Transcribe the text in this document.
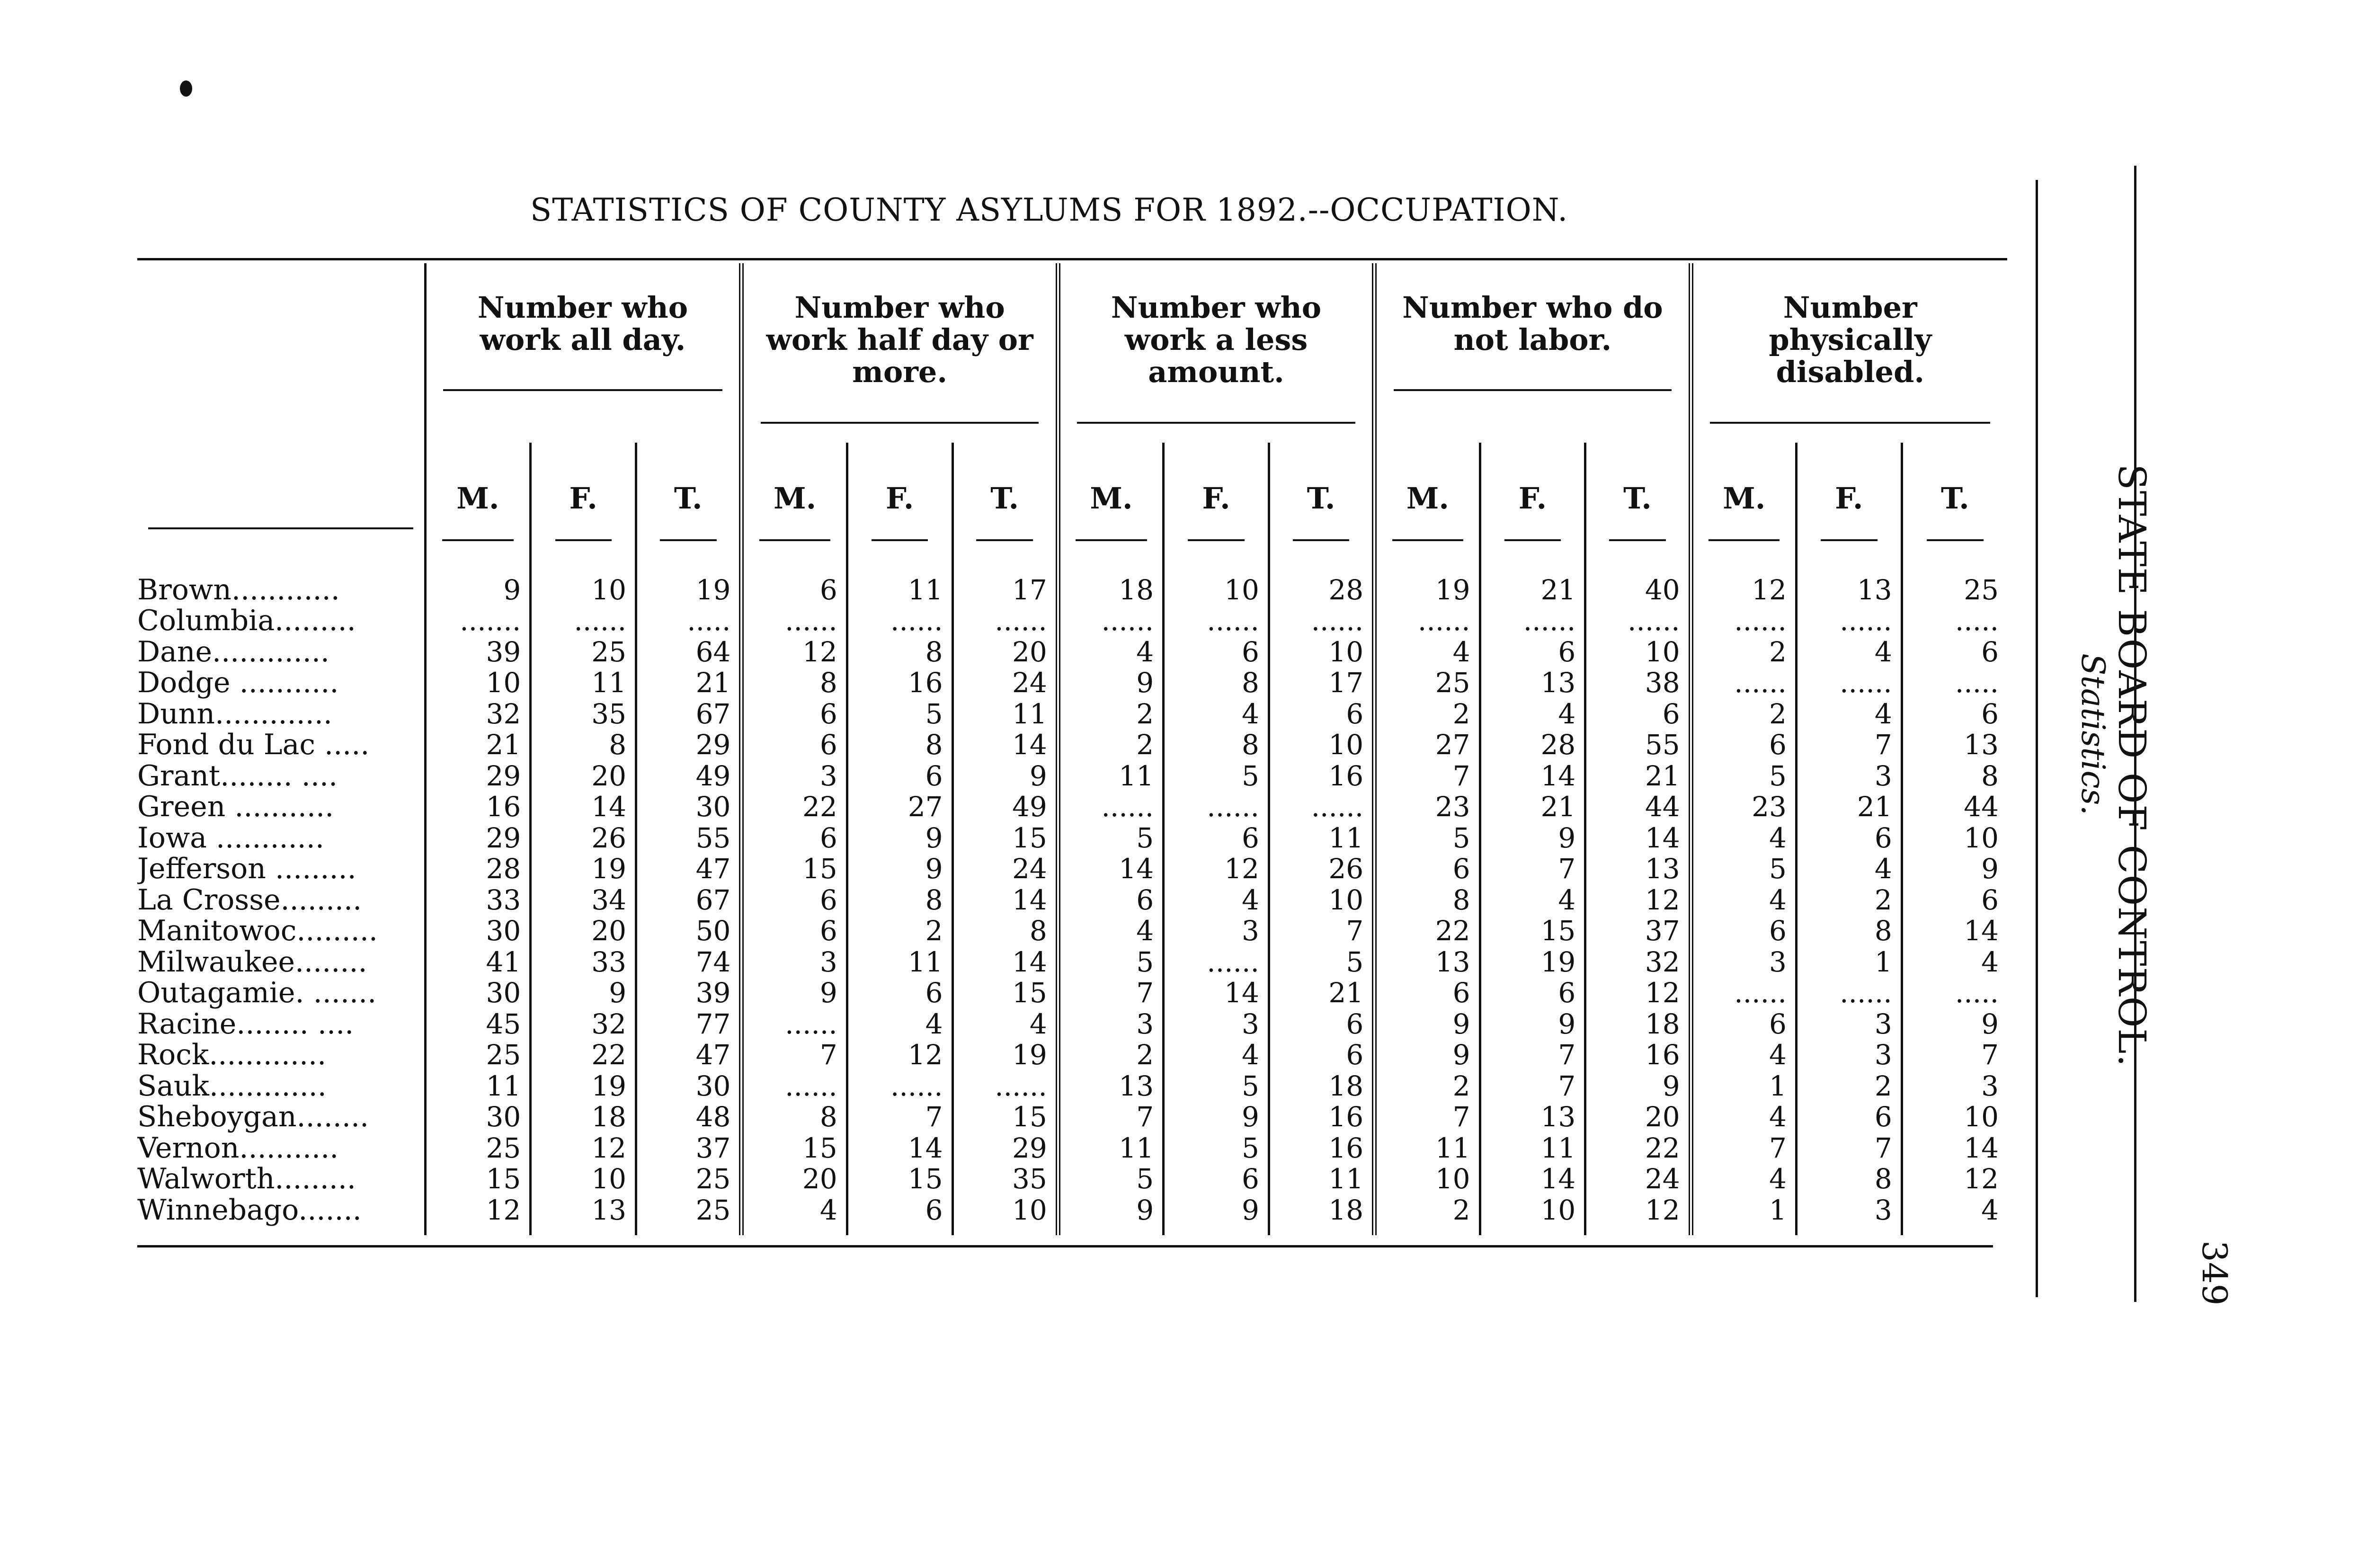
STATISTICS OF COUNTY ASYLUMS FOR 1892.--OCCUPATION.
	Number who work all day.			Number who work half day or more.			Number who work a less amount.			Number who do not labor.			Number physically disabled.		
	M.	F.	T.	M.	F.	T.	M.	F.	T.	M.	F.	T.	M.	F.	T.
Brown............	9	10	19	6	11	17	18	10	28	19	21	40	12	13	25
Columbia.........	.......	......	.....	......	......	......	......	......	......	......	......	......	......	......	.....
Dane.............	39	25	64	12	8	20	4	6	10	4	6	10	2	4	6
Dodge ...........	10	11	21	8	16	24	9	8	17	25	13	38	......	......	.....
Dunn.............	32	35	67	6	5	11	2	4	6	2	4	6	2	4	6
Fond du Lac .....	21	8	29	6	8	14	2	8	10	27	28	55	6	7	13
Grant........ ....	29	20	49	3	6	9	11	5	16	7	14	21	5	3	8
Green ...........	16	14	30	22	27	49	......	......	......	23	21	44	23	21	44
Iowa ............	29	26	55	6	9	15	5	6	11	5	9	14	4	6	10
Jefferson .........	28	19	47	15	9	24	14	12	26	6	7	13	5	4	9
La Crosse.........	33	34	67	6	8	14	6	4	10	8	4	12	4	2	6
Manitowoc.........	30	20	50	6	2	8	4	3	7	22	15	37	6	8	14
Milwaukee........	41	33	74	3	11	14	5	......	5	13	19	32	3	1	4
Outagamie. .......	30	9	39	9	6	15	7	14	21	6	6	12	......	......	.....
Racine........ ....	45	32	77	......	4	4	3	3	6	9	9	18	6	3	9
Rock.............	25	22	47	7	12	19	2	4	6	9	7	16	4	3	7
Sauk.............	11	19	30	......	......	......	13	5	18	2	7	9	1	2	3
Sheboygan........	30	18	48	8	7	15	7	9	16	7	13	20	4	6	10
Vernon...........	25	12	37	15	14	29	11	5	16	11	11	22	7	7	14
Walworth.........	15	10	25	20	15	35	5	6	11	10	14	24	4	8	12
Winnebago.......	12	13	25	4	6	10	9	9	18	2	10	12	1	3	4
STATE BOARD OF CONTROL.
Statistics.
349
